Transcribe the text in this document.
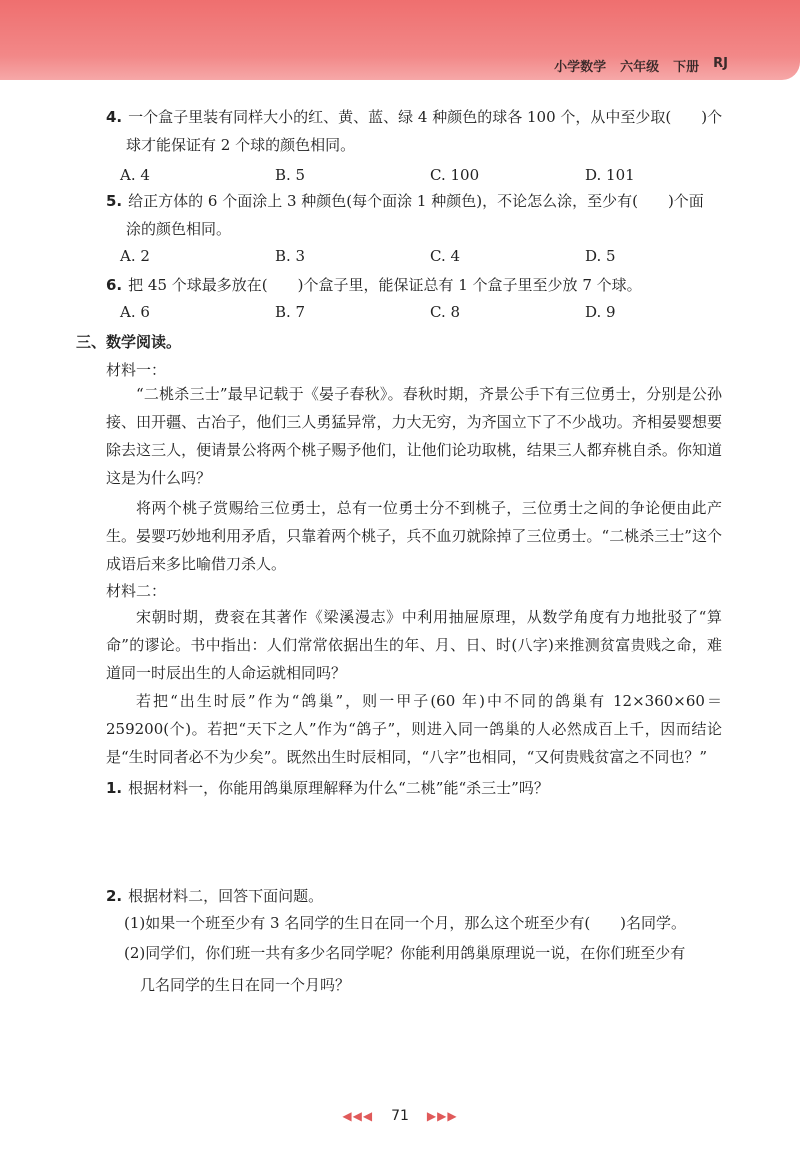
小学数学 六年级 下册 RJ
4. 一个盒子里装有同样大小的红、黄、蓝、绿 4 种颜色的球各 100 个，从中至少取(　　)个
球才能保证有 2 个球的颜色相同。
A. 4	B. 5	C. 100	D. 101
5. 给正方体的 6 个面涂上 3 种颜色(每个面涂 1 种颜色)，不论怎么涂，至少有(　　)个面
涂的颜色相同。
A. 2	B. 3	C. 4	D. 5
6. 把 45 个球最多放在(　　)个盒子里，能保证总有 1 个盒子里至少放 7 个球。
A. 6	B. 7	C. 8	D. 9
三、数学阅读。
材料一：
“二桃杀三士”最早记载于《晏子春秋》。春秋时期，齐景公手下有三位勇士，分别是公孙接、田开疆、古冶子，他们三人勇猛异常，力大无穷，为齐国立下了不少战功。齐相晏婴想要除去这三人，便请景公将两个桃子赐予他们，让他们论功取桃，结果三人都弃桃自杀。你知道这是为什么吗？
将两个桃子赏赐给三位勇士，总有一位勇士分不到桃子，三位勇士之间的争论便由此产生。晏婴巧妙地利用矛盾，只靠着两个桃子，兵不血刃就除掉了三位勇士。“二桃杀三士”这个成语后来多比喻借刀杀人。
材料二：
宋朝时期，费衮在其著作《梁溪漫志》中利用抽屉原理，从数学角度有力地批驳了“算命”的谬论。书中指出：人们常常依据出生的年、月、日、时(八字)来推测贫富贵贱之命，难道同一时辰出生的人命运就相同吗？
若把“出生时辰”作为“鸽巢”，则一甲子(60 年)中不同的鸽巢有 12×360×60＝259200(个)。若把“天下之人”作为“鸽子”，则进入同一鸽巢的人必然成百上千，因而结论是“生时同者必不为少矣”。既然出生时辰相同，“八字”也相同，“又何贵贱贫富之不同也？”
1. 根据材料一，你能用鸽巢原理解释为什么“二桃”能“杀三士”吗？
2. 根据材料二，回答下面问题。
(1)如果一个班至少有 3 名同学的生日在同一个月，那么这个班至少有(　　)名同学。
(2)同学们，你们班一共有多少名同学呢？你能利用鸽巢原理说一说，在你们班至少有
几名同学的生日在同一个月吗？
◀◀◀ 71 ▶▶▶
